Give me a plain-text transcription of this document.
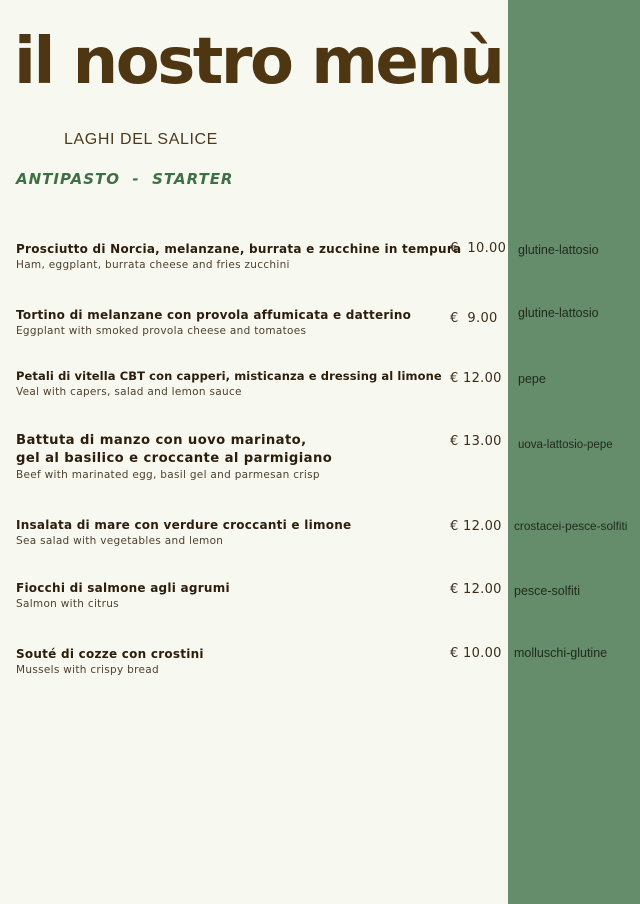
il nostro menù
LAGHI DEL SALICE
ANTIPASTO  -  STARTER
Prosciutto di Norcia, melanzane, burrata e zucchine in tempura
Ham, eggplant, burrata cheese and fries zucchini
€  10.00 glutine-lattosio
Tortino di melanzane con provola affumicata e datterino
Eggplant with smoked provola cheese and tomatoes
€  9.00	glutine-lattosio
Petali di vitella CBT con capperi, misticanza e dressing al limone
Veal with capers, salad and lemon sauce
€ 12.00 pepe
Battuta di manzo con uovo marinato,
gel al basilico e croccante al parmigiano
Beef with marinated egg, basil gel and parmesan crisp
€ 13.00 uova-lattosio-pepe
Insalata di mare con verdure croccanti e limone
Sea salad with vegetables and lemon
€ 12.00 crostacei-pesce-solfiti
Fiocchi di salmone agli agrumi
Salmon with citrus
€ 12.00 pesce-solfiti
Souté di cozze con crostini
Mussels with crispy bread
€ 10.00 molluschi-glutine
